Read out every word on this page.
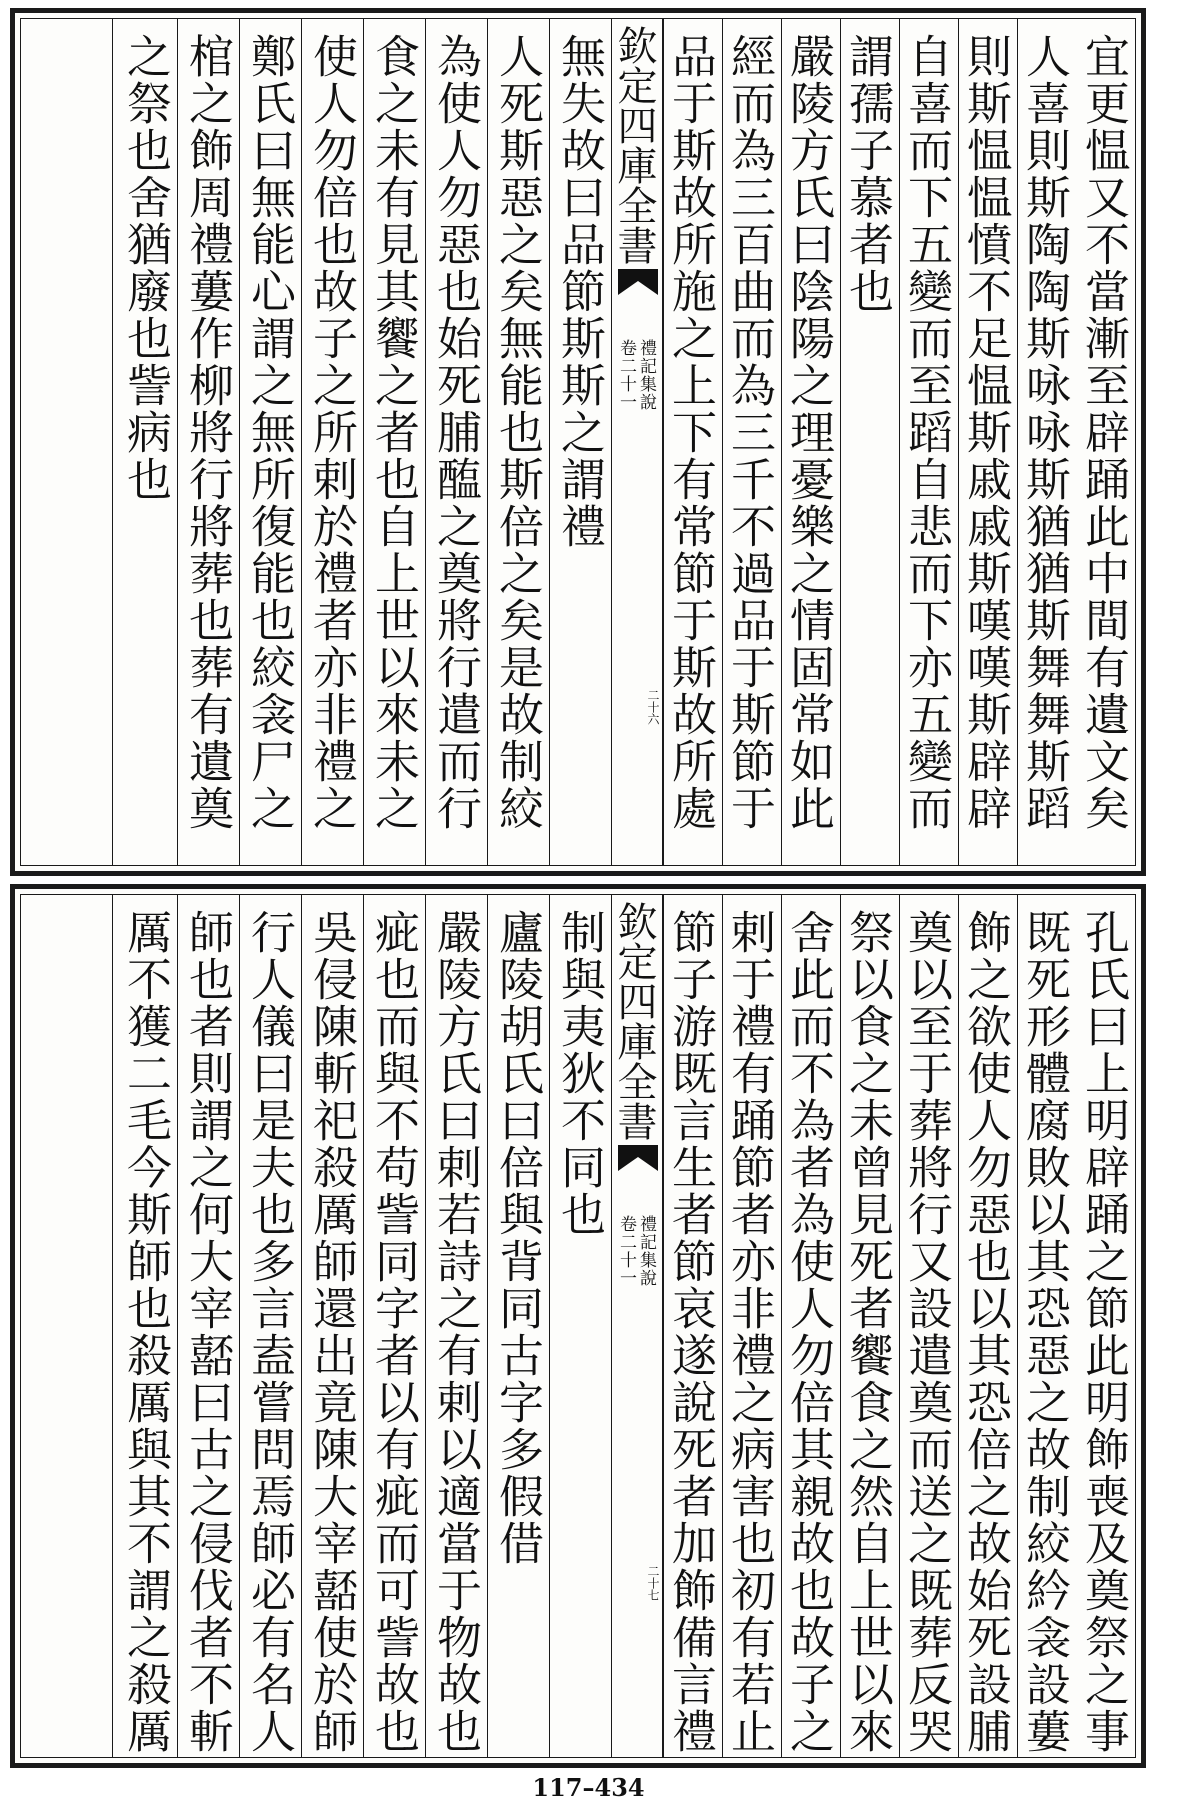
宜更愠又不當漸至辟踊此中間有遺文矣
人喜則斯陶陶斯咏咏斯猶猶斯舞舞斯蹈
則斯愠愠憤不足愠斯戚戚斯嘆嘆斯辟辟
自喜而下五變而至蹈自悲而下亦五變而
謂孺子慕者也
嚴陵方氏曰陰陽之理憂樂之情固常如此
經而為三百曲而為三千不過品于斯節于
品于斯故所施之上下有常節于斯故所處
欽定四庫全書
禮記集說
卷二十一
二十六
無失故曰品節斯斯之謂禮
人死斯惡之矣無能也斯倍之矣是故制絞
為使人勿惡也始死脯醢之奠將行遣而行
食之未有見其饗之者也自上世以來未之
使人勿倍也故子之所剌於禮者亦非禮之
鄭氏曰無能心謂之無所復能也絞衾尸之
棺之飾周禮蔞作柳將行將葬也葬有遺奠
之祭也舍猶廢也訾病也
孔氏曰上明辟踊之節此明飾喪及奠祭之事
既死形體腐敗以其恐惡之故制絞紟衾設蔞
飾之欲使人勿惡也以其恐倍之故始死設脯
奠以至于葬將行又設遣奠而送之既葬反哭
祭以食之未曾見死者饗食之然自上世以來
舍此而不為者為使人勿倍其親故也故子之
剌于禮有踊節者亦非禮之病害也初有若止
節子游既言生者節哀遂說死者加飾備言禮
欽定四庫全書
禮記集說
卷二十一
二十七
制與夷狄不同也
廬陵胡氏曰倍與背同古字多假借
嚴陵方氏曰剌若詩之有剌以適當于物故也
疵也而與不苟訾同字者以有疵而可訾故也
吳侵陳斬祀殺厲師還出竟陳大宰嚭使於師
行人儀曰是夫也多言盍嘗問焉師必有名人
師也者則謂之何大宰嚭曰古之侵伐者不斬
厲不獲二毛今斯師也殺厲與其不謂之殺厲
117–434
